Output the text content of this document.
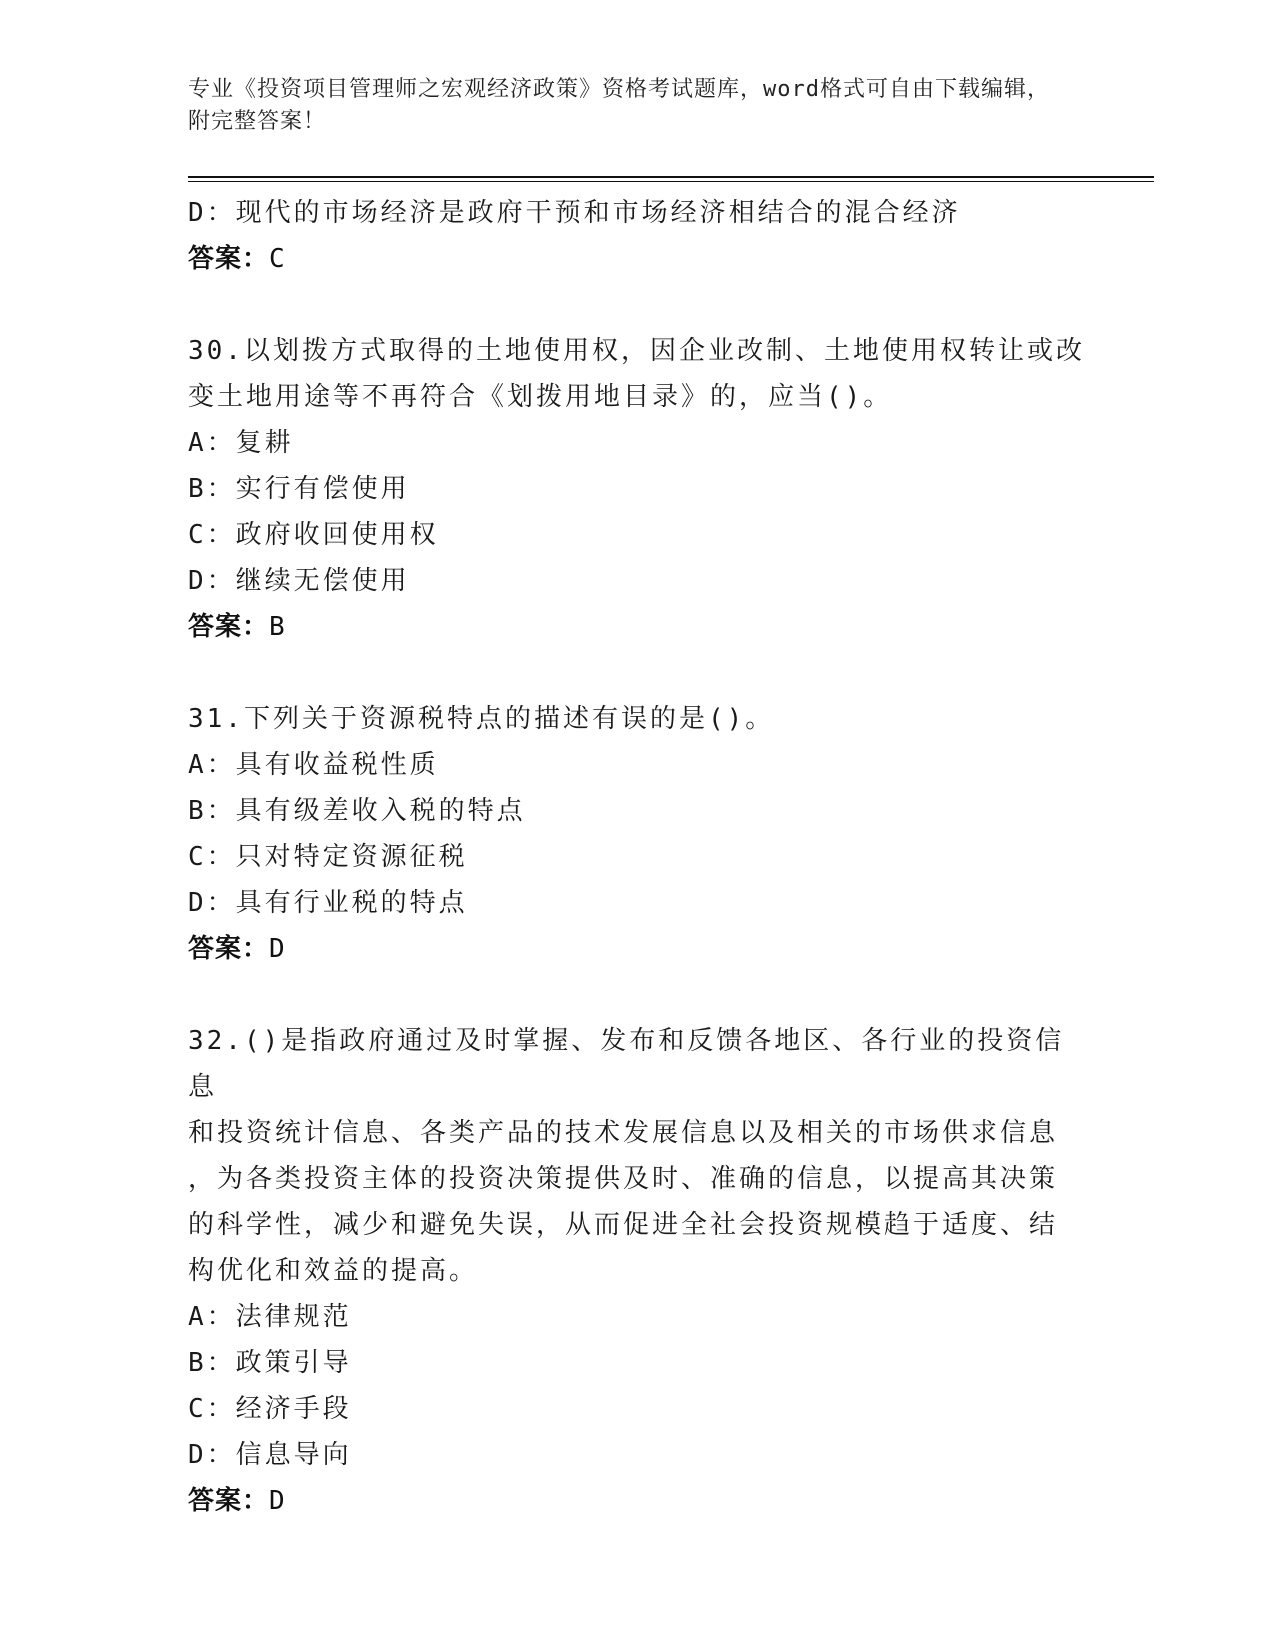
专业《投资项目管理师之宏观经济政策》资格考试题库，word格式可自由下载编辑，附完整答案！

D：现代的市场经济是政府干预和市场经济相结合的混合经济

答案：C

30.以划拨方式取得的土地使用权，因企业改制、土地使用权转让或改

变土地用途等不再符合《划拨用地目录》的，应当()。

A：复耕

B：实行有偿使用

C：政府收回使用权

D：继续无偿使用

答案：B

31.下列关于资源税特点的描述有误的是()。

A：具有收益税性质

B：具有级差收入税的特点

C：只对特定资源征税

D：具有行业税的特点

答案：D

32.()是指政府通过及时掌握、发布和反馈各地区、各行业的投资信息

和投资统计信息、各类产品的技术发展信息以及相关的市场供求信息

，为各类投资主体的投资决策提供及时、准确的信息，以提高其决策

的科学性，减少和避免失误，从而促进全社会投资规模趋于适度、结

构优化和效益的提高。

A：法律规范

B：政策引导

C：经济手段

D：信息导向

答案：D
